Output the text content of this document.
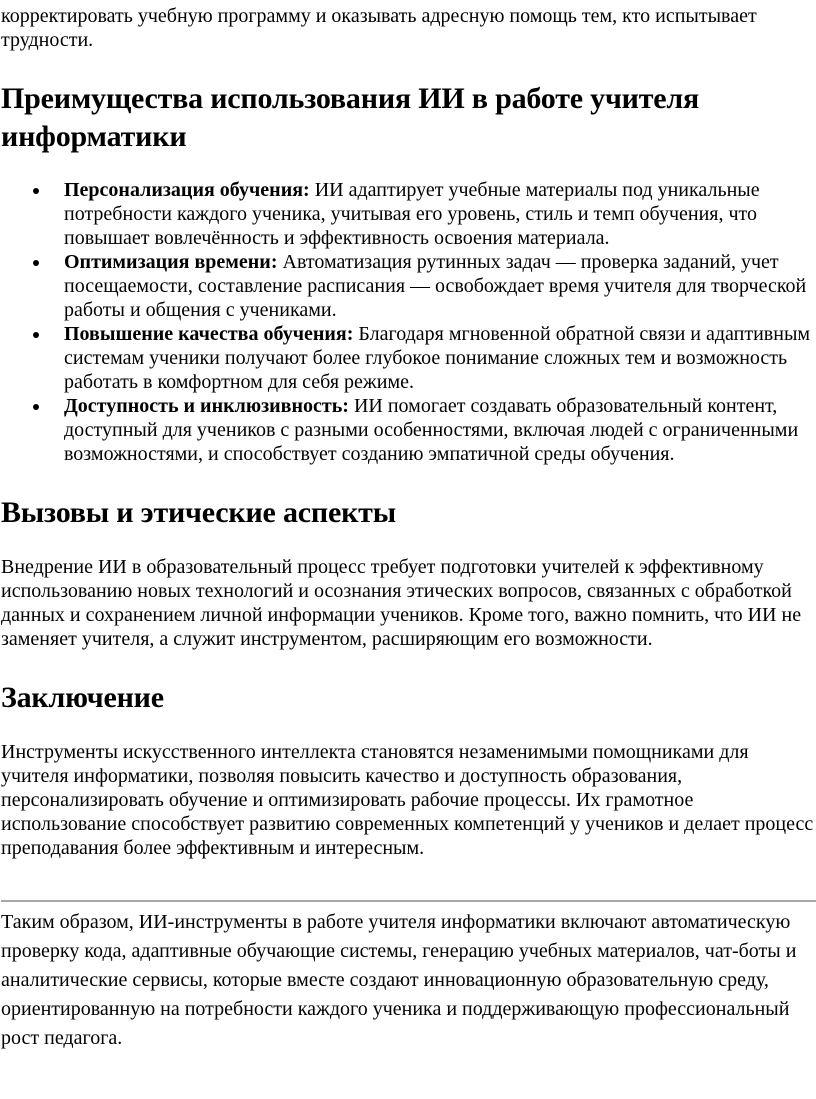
корректировать учебную программу и оказывать адресную помощь тем, кто испытывает трудности.

Преимущества использования ИИ в работе учителя информатики
Персонализация обучения: ИИ адаптирует учебные материалы под уникальные потребности каждого ученика, учитывая его уровень, стиль и темп обучения, что повышает вовлечённость и эффективность освоения материала.
Оптимизация времени: Автоматизация рутинных задач — проверка заданий, учет посещаемости, составление расписания — освобождает время учителя для творческой работы и общения с учениками.
Повышение качества обучения: Благодаря мгновенной обратной связи и адаптивным системам ученики получают более глубокое понимание сложных тем и возможность работать в комфортном для себя режиме.
Доступность и инклюзивность: ИИ помогает создавать образовательный контент, доступный для учеников с разными особенностями, включая людей с ограниченными возможностями, и способствует созданию эмпатичной среды обучения.
Вызовы и этические аспекты

Внедрение ИИ в образовательный процесс требует подготовки учителей к эффективному использованию новых технологий и осознания этических вопросов, связанных с обработкой данных и сохранением личной информации учеников. Кроме того, важно помнить, что ИИ не заменяет учителя, а служит инструментом, расширяющим его возможности.

Заключение

Инструменты искусственного интеллекта становятся незаменимыми помощниками для учителя информатики, позволяя повысить качество и доступность образования, персонализировать обучение и оптимизировать рабочие процессы. Их грамотное использование способствует развитию современных компетенций у учеников и делает процесс преподавания более эффективным и интересным.

Таким образом, ИИ-инструменты в работе учителя информатики включают автоматическую проверку кода, адаптивные обучающие системы, генерацию учебных материалов, чат-боты и аналитические сервисы, которые вместе создают инновационную образовательную среду, ориентированную на потребности каждого ученика и поддерживающую профессиональный рост педагога.
